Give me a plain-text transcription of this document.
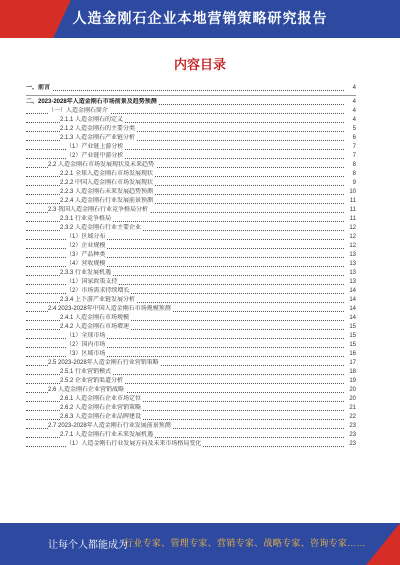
人造金刚石企业本地营销策略研究报告
内容目录
一、前言	4
二、2023-2028年人造金刚石市场前景及趋势预测	4
（一）人造金刚石简介	4
2.1.1 人造金刚石的定义	4
2.1.2 人造金刚石的主要分类	5
2.1.3 人造金刚石产业链分析	6
（1）产业链上游分析	7
（2）产业链中游分析	7
2.2 人造金刚石市场发展现状及未来趋势	8
2.2.1 全球人造金刚石市场发展现状	8
2.2.2 中国人造金刚石市场发展现状	9
2.2.3 人造金刚石未来发展趋势预测	10
2.2.4 人造金刚石行业发展前景预测	11
2.3 我国人造金刚石行业竞争格局分析	11
2.3.1 行业竞争格局	11
2.3.2 人造金刚石行业主要企业	12
（1）区域分布	12
（2）企业规模	12
（3）产品种类	13
（4）营收规模	13
2.3.3 行业发展机遇	13
（1）国家政策支持	13
（2）市场需求持续增长	14
2.3.4 上下游产业链发展分析	14
2.4 2023-2028年中国人造金刚石市场规模预测	14
2.4.1 人造金刚石市场规模	14
2.4.2 人造金刚石市场增速	15
（1）全球市场	15
（2）国内市场	15
（3）区域市场	16
2.5 2023-2028年人造金刚石行业营销策略	17
2.5.1 行业营销模式	18
2.5.2 企业营销渠道分析	19
2.6 人造金刚石企业营销战略	20
2.6.1 人造金刚石企业市场定位	20
2.6.2 人造金刚石企业营销策略	21
2.6.3 人造金刚石企业品牌建设	22
2.7 2023-2028年人造金刚石行业发展前景预测	23
2.7.1 人造金刚石行业未来发展机遇	23
（1）人造金刚石行业发展方向及未来市场格局变化	23
让每个人都能成为
行业专家、管理专家、营销专家、战略专家、咨询专家……
